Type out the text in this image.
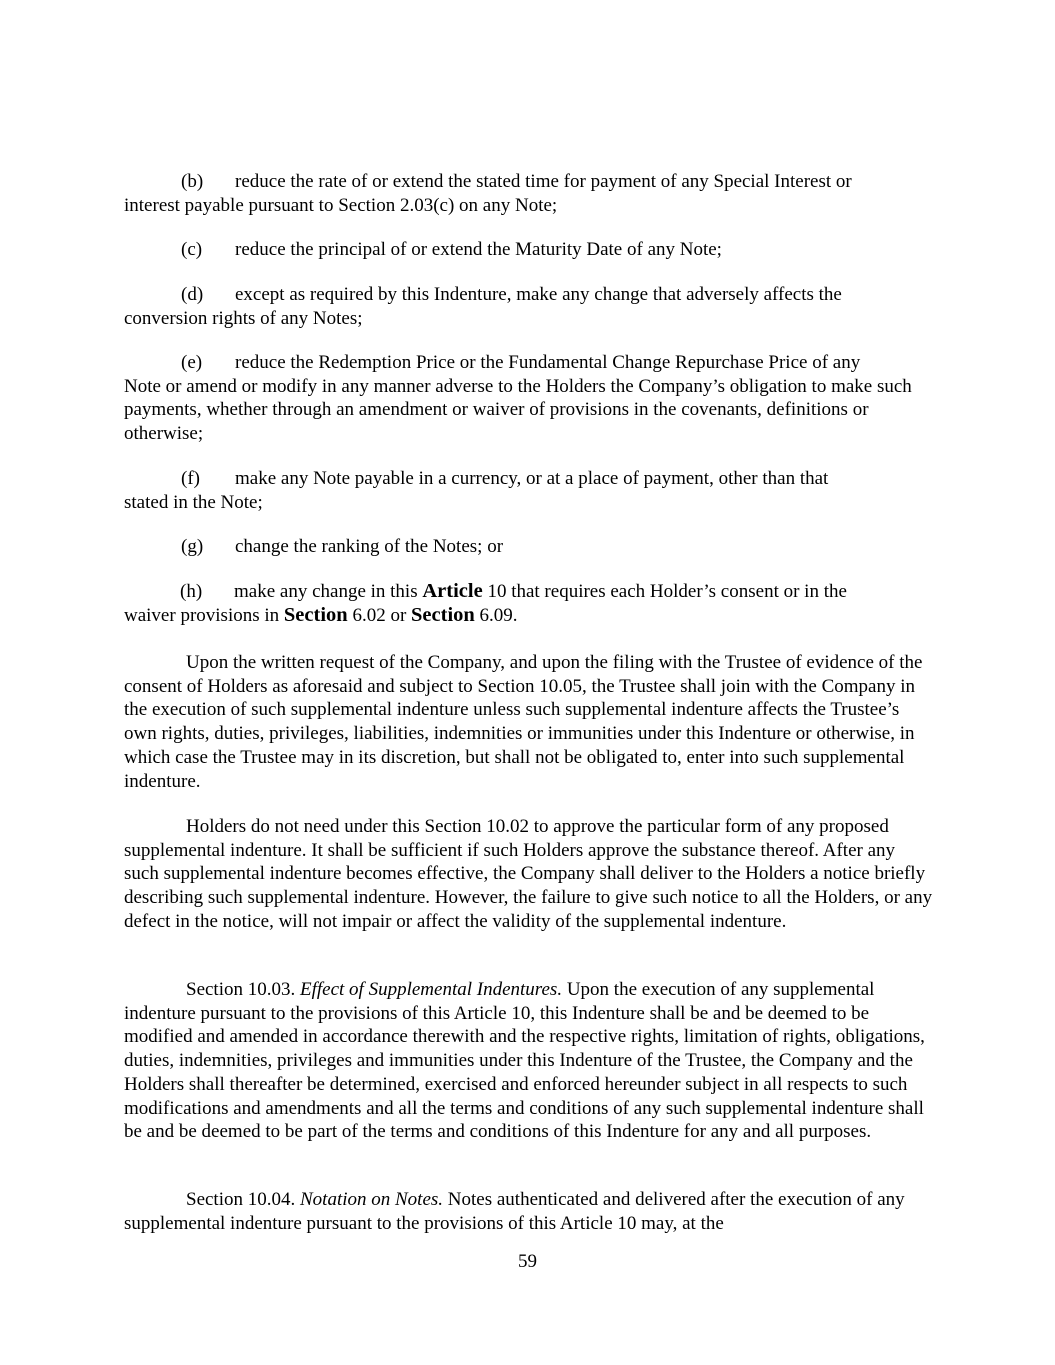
(b) reduce the rate of or extend the stated time for payment of any Special Interest or
interest payable pursuant to Section 2.03(c) on any Note;
(c) reduce the principal of or extend the Maturity Date of any Note;
(d) except as required by this Indenture, make any change that adversely affects the
conversion rights of any Notes;
(e) reduce the Redemption Price or the Fundamental Change Repurchase Price of any
Note or amend or modify in any manner adverse to the Holders the Company’s obligation to make such payments, whether through an amendment or waiver of provisions in the covenants, definitions or otherwise;
(f) make any Note payable in a currency, or at a place of payment, other than that
stated in the Note;
(g) change the ranking of the Notes; or
(h) make any change in this Article 10 that requires each Holder’s consent or in the
waiver provisions in Section 6.02 or Section 6.09.

Upon the written request of the Company, and upon the filing with the Trustee of evidence of the consent of Holders as aforesaid and subject to Section 10.05, the Trustee shall join with the Company in the execution of such supplemental indenture unless such supplemental indenture affects the Trustee’s own rights, duties, privileges, liabilities, indemnities or immunities under this Indenture or otherwise, in which case the Trustee may in its discretion, but shall not be obligated to, enter into such supplemental indenture.

Holders do not need under this Section 10.02 to approve the particular form of any proposed supplemental indenture. It shall be sufficient if such Holders approve the substance thereof. After any such supplemental indenture becomes effective, the Company shall deliver to the Holders a notice briefly describing such supplemental indenture. However, the failure to give such notice to all the Holders, or any defect in the notice, will not impair or affect the validity of the supplemental indenture.

Section 10.03. Effect of Supplemental Indentures. Upon the execution of any supplemental indenture pursuant to the provisions of this Article 10, this Indenture shall be and be deemed to be modified and amended in accordance therewith and the respective rights, limitation of rights, obligations, duties, indemnities, privileges and immunities under this Indenture of the Trustee, the Company and the Holders shall thereafter be determined, exercised and enforced hereunder subject in all respects to such modifications and amendments and all the terms and conditions of any such supplemental indenture shall be and be deemed to be part of the terms and conditions of this Indenture for any and all purposes.

Section 10.04. Notation on Notes. Notes authenticated and delivered after the execution of any supplemental indenture pursuant to the provisions of this Article 10 may, at the

59
